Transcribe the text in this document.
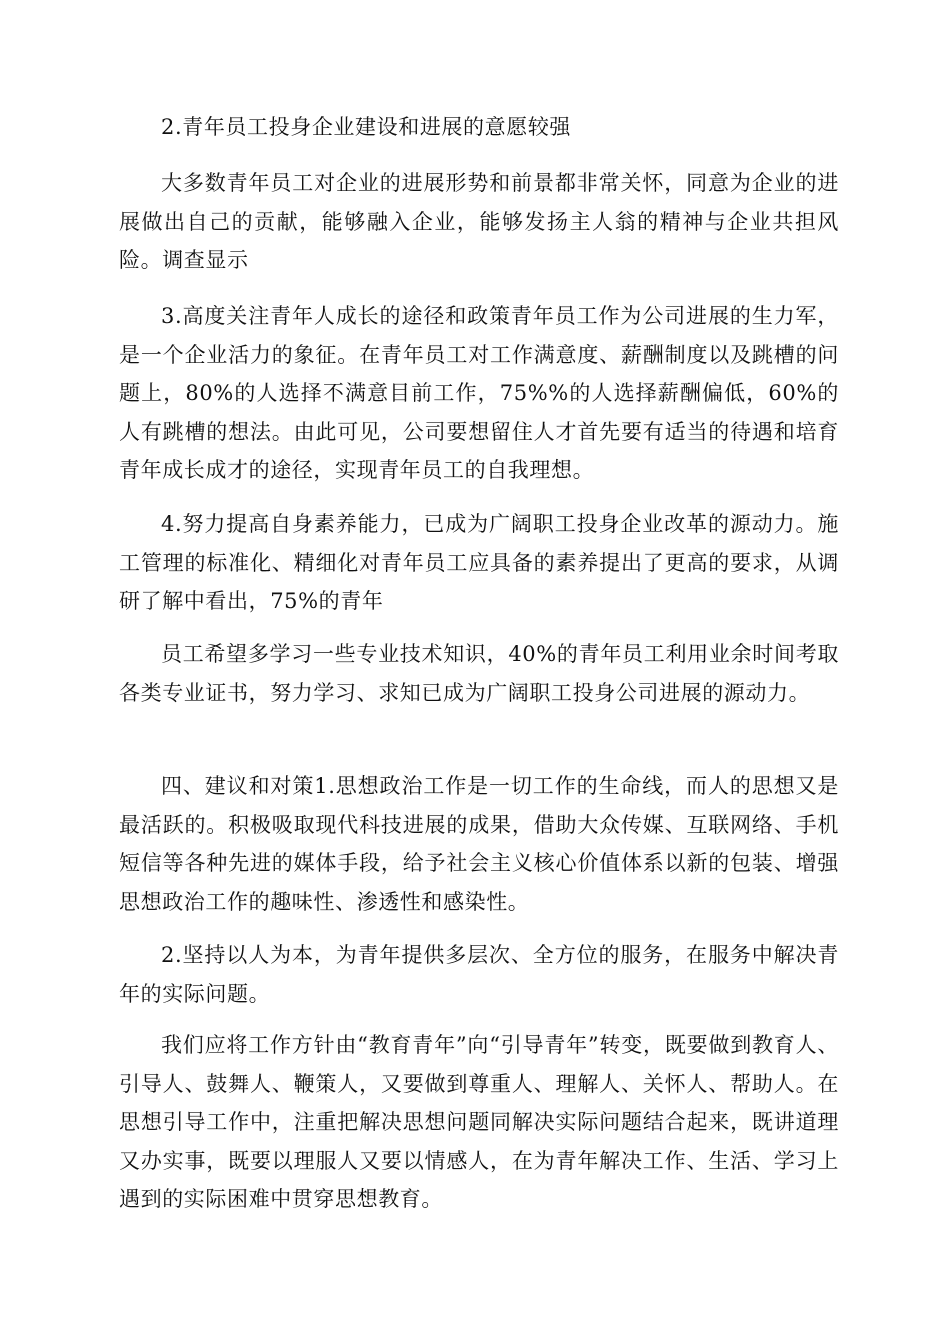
2.青年员工投身企业建设和进展的意愿较强

大多数青年员工对企业的进展形势和前景都非常关怀，同意为企业的进展做出自己的贡献，能够融入企业，能够发扬主人翁的精神与企业共担风险。调查显示

3.高度关注青年人成长的途径和政策青年员工作为公司进展的生力军，是一个企业活力的象征。在青年员工对工作满意度、薪酬制度以及跳槽的问题上，80%的人选择不满意目前工作，75%%的人选择薪酬偏低，60%的人有跳槽的想法。由此可见，公司要想留住人才首先要有适当的待遇和培育青年成长成才的途径，实现青年员工的自我理想。

4.努力提高自身素养能力，已成为广阔职工投身企业改革的源动力。施工管理的标准化、精细化对青年员工应具备的素养提出了更高的要求，从调研了解中看出，75%的青年

员工希望多学习一些专业技术知识，40%的青年员工利用业余时间考取各类专业证书，努力学习、求知已成为广阔职工投身公司进展的源动力。

四、建议和对策1.思想政治工作是一切工作的生命线，而人的思想又是最活跃的。积极吸取现代科技进展的成果，借助大众传媒、互联网络、手机短信等各种先进的媒体手段，给予社会主义核心价值体系以新的包装、增强思想政治工作的趣味性、渗透性和感染性。

2.坚持以人为本，为青年提供多层次、全方位的服务，在服务中解决青年的实际问题。

我们应将工作方针由“教育青年”向“引导青年”转变，既要做到教育人、引导人、鼓舞人、鞭策人，又要做到尊重人、理解人、关怀人、帮助人。在思想引导工作中，注重把解决思想问题同解决实际问题结合起来，既讲道理又办实事，既要以理服人又要以情感人，在为青年解决工作、生活、学习上遇到的实际困难中贯穿思想教育。
